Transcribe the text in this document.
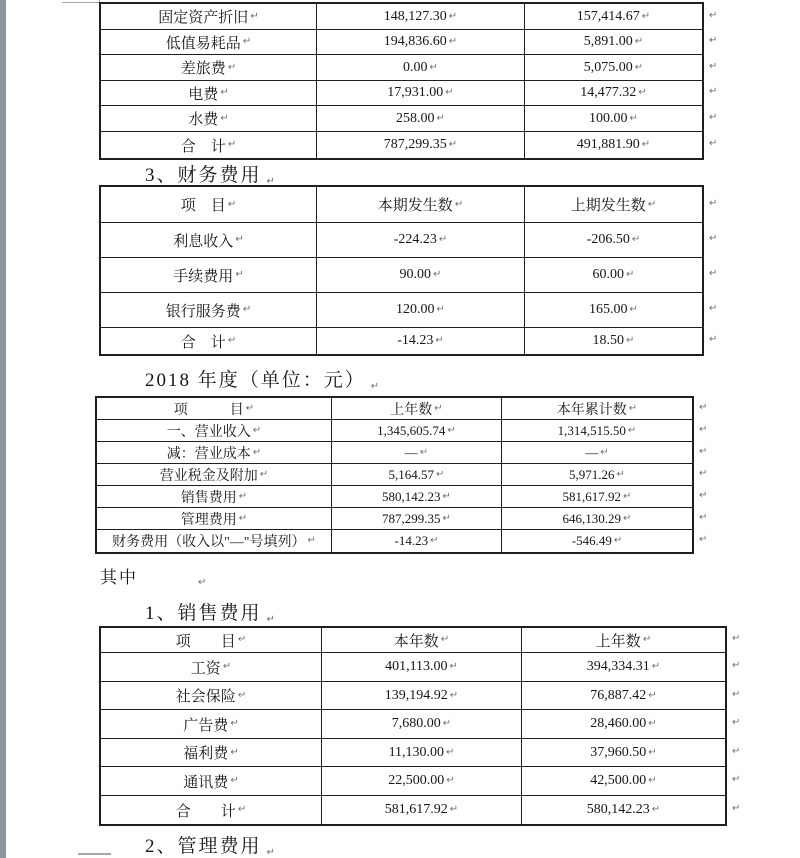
固定资产折旧 ↵	148,127.30 ↵	157,414.67 ↵
低值易耗品 ↵	194,836.60 ↵	5,891.00 ↵
差旅费 ↵	0.00 ↵	5,075.00 ↵
电费 ↵	17,931.00 ↵	14,477.32 ↵
水费 ↵	258.00 ↵	100.00 ↵
合　计 ↵	787,299.35 ↵	491,881.90 ↵
↵
↵
↵
↵
↵
↵
3、财务费用 ↵
项　目 ↵	本期发生数 ↵	上期发生数 ↵
利息收入 ↵	-224.23 ↵	-206.50 ↵
手续费用 ↵	90.00 ↵	60.00 ↵
银行服务费 ↵	120.00 ↵	165.00 ↵
合　计 ↵	-14.23 ↵	18.50 ↵
↵
↵
↵
↵
↵
2018 年度（单位：元） ↵
项　　　目 ↵	上年数 ↵	本年累计数 ↵
一、营业收入 ↵	1,345,605.74 ↵	1,314,515.50 ↵
减：营业成本 ↵	— ↵	— ↵
营业税金及附加 ↵	5,164.57 ↵	5,971.26 ↵
销售费用 ↵	580,142.23 ↵	581,617.92 ↵
管理费用 ↵	787,299.35 ↵	646,130.29 ↵
财务费用（收入以"—"号填列） ↵	-14.23 ↵	-546.49 ↵
↵
↵
↵
↵
↵
↵
↵
其中	↵
1、销售费用 ↵
项　　目 ↵	本年数 ↵	上年数 ↵
工资 ↵	401,113.00 ↵	394,334.31 ↵
社会保险 ↵	139,194.92 ↵	76,887.42 ↵
广告费 ↵	7,680.00 ↵	28,460.00 ↵
福利费 ↵	11,130.00 ↵	37,960.50 ↵
通讯费 ↵	22,500.00 ↵	42,500.00 ↵
合　　计 ↵	581,617.92 ↵	580,142.23 ↵
↵
↵
↵
↵
↵
↵
↵
2、管理费用 ↵
